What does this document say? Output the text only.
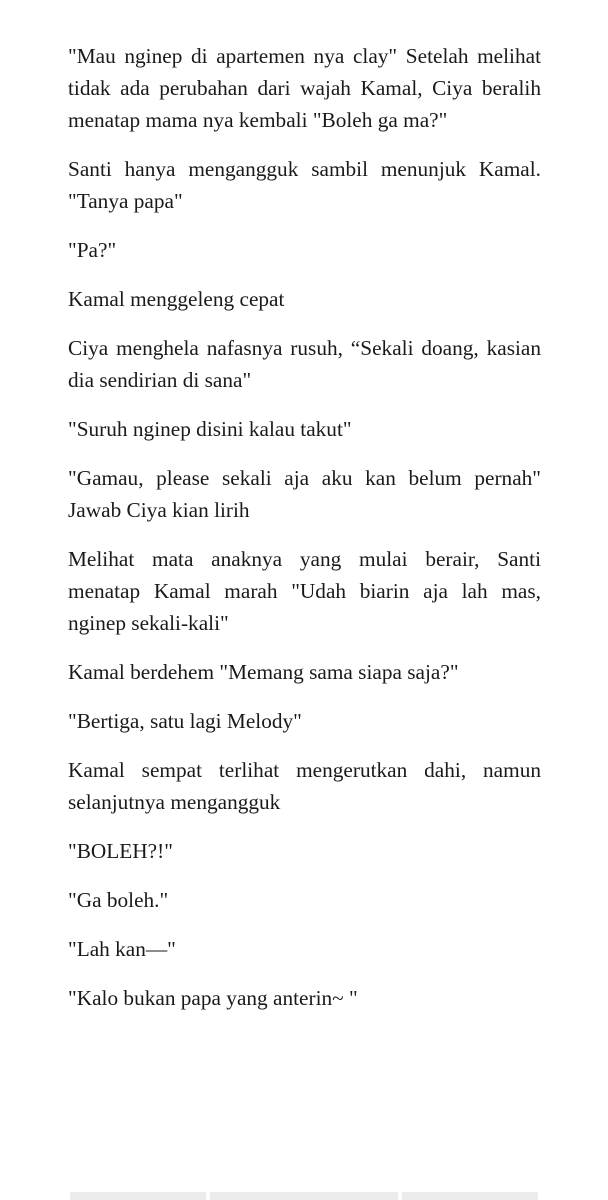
"Mau nginep di apartemen nya clay" Setelah melihat tidak ada perubahan dari wajah Kamal, Ciya beralih menatap mama nya kembali "Boleh ga ma?"

Santi hanya mengangguk sambil menunjuk Kamal. "Tanya papa"

"Pa?"

Kamal menggeleng cepat

Ciya menghela nafasnya rusuh, “Sekali doang, kasian dia sendirian di sana"

"Suruh nginep disini kalau takut"

"Gamau, please sekali aja aku kan belum pernah" Jawab Ciya kian lirih

Melihat mata anaknya yang mulai berair, Santi menatap Kamal marah "Udah biarin aja lah mas, nginep sekali-kali"

Kamal berdehem "Memang sama siapa saja?"

"Bertiga, satu lagi Melody"

Kamal sempat terlihat mengerutkan dahi, namun selanjutnya mengangguk

"BOLEH?!"

"Ga boleh."

"Lah kan—"

"Kalo bukan papa yang anterin~ "
